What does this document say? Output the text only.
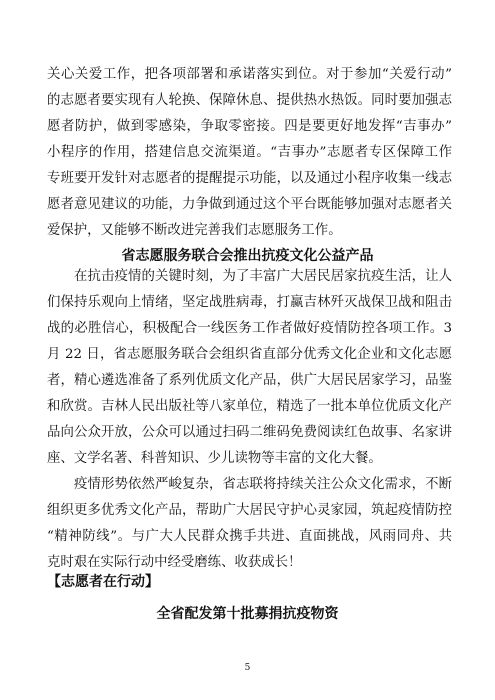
关心关爱工作，把各项部署和承诺落实到位。对于参加“关爱行动”
的志愿者要实现有人轮换、保障休息、提供热水热饭。同时要加强志
愿者防护，做到零感染，争取零密接。四是要更好地发挥“吉事办”
小程序的作用，搭建信息交流渠道。“吉事办”志愿者专区保障工作
专班要开发针对志愿者的提醒提示功能，以及通过小程序收集一线志
愿者意见建议的功能，力争做到通过这个平台既能够加强对志愿者关
爱保护，又能够不断改进完善我们志愿服务工作。
省志愿服务联合会推出抗疫文化公益产品
在抗击疫情的关键时刻，为了丰富广大居民居家抗疫生活，让人
们保持乐观向上情绪，坚定战胜病毒，打赢吉林歼灭战保卫战和阻击
战的必胜信心，积极配合一线医务工作者做好疫情防控各项工作。3
月 22 日，省志愿服务联合会组织省直部分优秀文化企业和文化志愿
者，精心遴选准备了系列优质文化产品，供广大居民居家学习，品鉴
和欣赏。吉林人民出版社等八家单位，精选了一批本单位优质文化产
品向公众开放，公众可以通过扫码二维码免费阅读红色故事、名家讲
座、文学名著、科普知识、少儿读物等丰富的文化大餐。
疫情形势依然严峻复杂，省志联将持续关注公众文化需求，不断
组织更多优秀文化产品，帮助广大居民守护心灵家园，筑起疫情防控
“精神防线”。与广大人民群众携手共进、直面挑战，风雨同舟、共
克时艰在实际行动中经受磨练、收获成长！
【志愿者在行动】
全省配发第十批募捐抗疫物资
5
